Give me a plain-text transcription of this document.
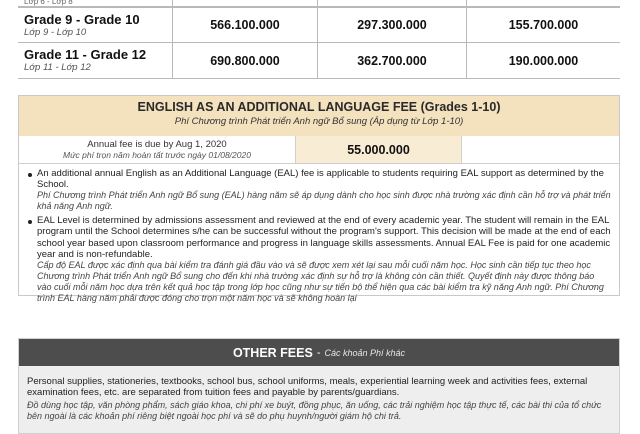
Lớp 6 - Lớp 8
Grade 9 - Grade 10
Lớp 9 - Lớp 10
566.100.000	297.300.000	155.700.000
Grade 11 - Grade 12
Lớp 11 - Lớp 12	690.800.000	362.700.000	190.000.000
ENGLISH AS AN ADDITIONAL LANGUAGE FEE (Grades 1-10)
Phí Chương trình Phát triển Anh ngữ Bổ sung (Áp dụng từ Lớp 1-10)
Annual fee is due by Aug 1, 2020
Mức phí trọn năm hoàn tất trước ngày 01/08/2020	55.000.000
An additional annual English as an Additional Language (EAL) fee is applicable to students requiring EAL support as determined by the School.
Phí Chương trình Phát triển Anh ngữ Bổ sung (EAL) hàng năm sẽ áp dụng dành cho học sinh được nhà trường xác định cần hỗ trợ và phát triển khả năng Anh ngữ.
EAL Level is determined by admissions assessment and reviewed at the end of every academic year. The student will remain in the EAL program until the School determines s/he can be successful without the program's support. This decision will be made at the end of each school year based upon classroom performance and progress in language skills assessments. Annual EAL Fee is paid for one academic year and is non-refundable.
Cấp độ EAL được xác định qua bài kiểm tra đánh giá đầu vào và sẽ được xem xét lại sau mỗi cuối năm học. Học sinh cần tiếp tục theo học Chương trình Phát triển Anh ngữ Bổ sung cho đến khi nhà trường xác định sự hỗ trợ là không còn cần thiết. Quyết định này được thông báo vào cuối mỗi năm học dựa trên kết quả học tập trong lớp học cũng như sự tiến bộ thể hiện qua các bài kiểm tra kỹ năng Anh ngữ. Phí Chương trình EAL hàng năm phải được đóng cho trọn một năm học và sẽ không hoàn lại
OTHER FEES - Các khoản Phí khác
Personal supplies, stationeries, textbooks, school bus, school uniforms, meals, experiential learning week and activities fees, external examination fees, etc. are separated from tuition fees and payable by parents/guardians.
Đồ dùng học tập, văn phòng phẩm, sách giáo khoa, chi phí xe buýt, đồng phục, ăn uống, các trải nghiệm học tập thực tế, các bài thi của tổ chức bên ngoài là các khoản phí riêng biệt ngoài học phí và sẽ do phụ huynh/người giám hộ chi trả.
